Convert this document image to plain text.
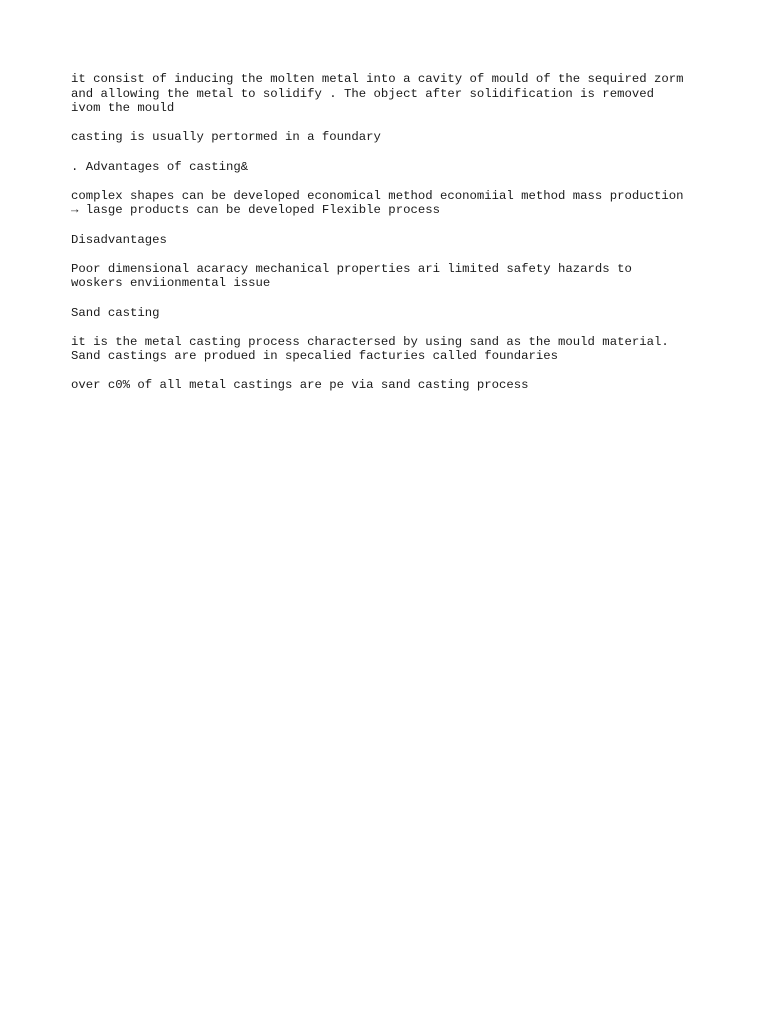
it consist of inducing the molten metal into a cavity of mould of the sequired zorm
and allowing the metal to solidify . The object after solidification is removed
ivom the mould

casting is usually pertormed in a foundary

. Advantages of casting&

complex shapes can be developed economical method economiial method mass production
→ lasge products can be developed Flexible process

Disadvantages

Poor dimensional acaracy mechanical properties ari limited safety hazards to
woskers enviionmental issue

Sand casting

it is the metal casting process charactersed by using sand as the mould material.
Sand castings are produed in specalied facturies called foundaries

over c0% of all metal castings are pe via sand casting process
